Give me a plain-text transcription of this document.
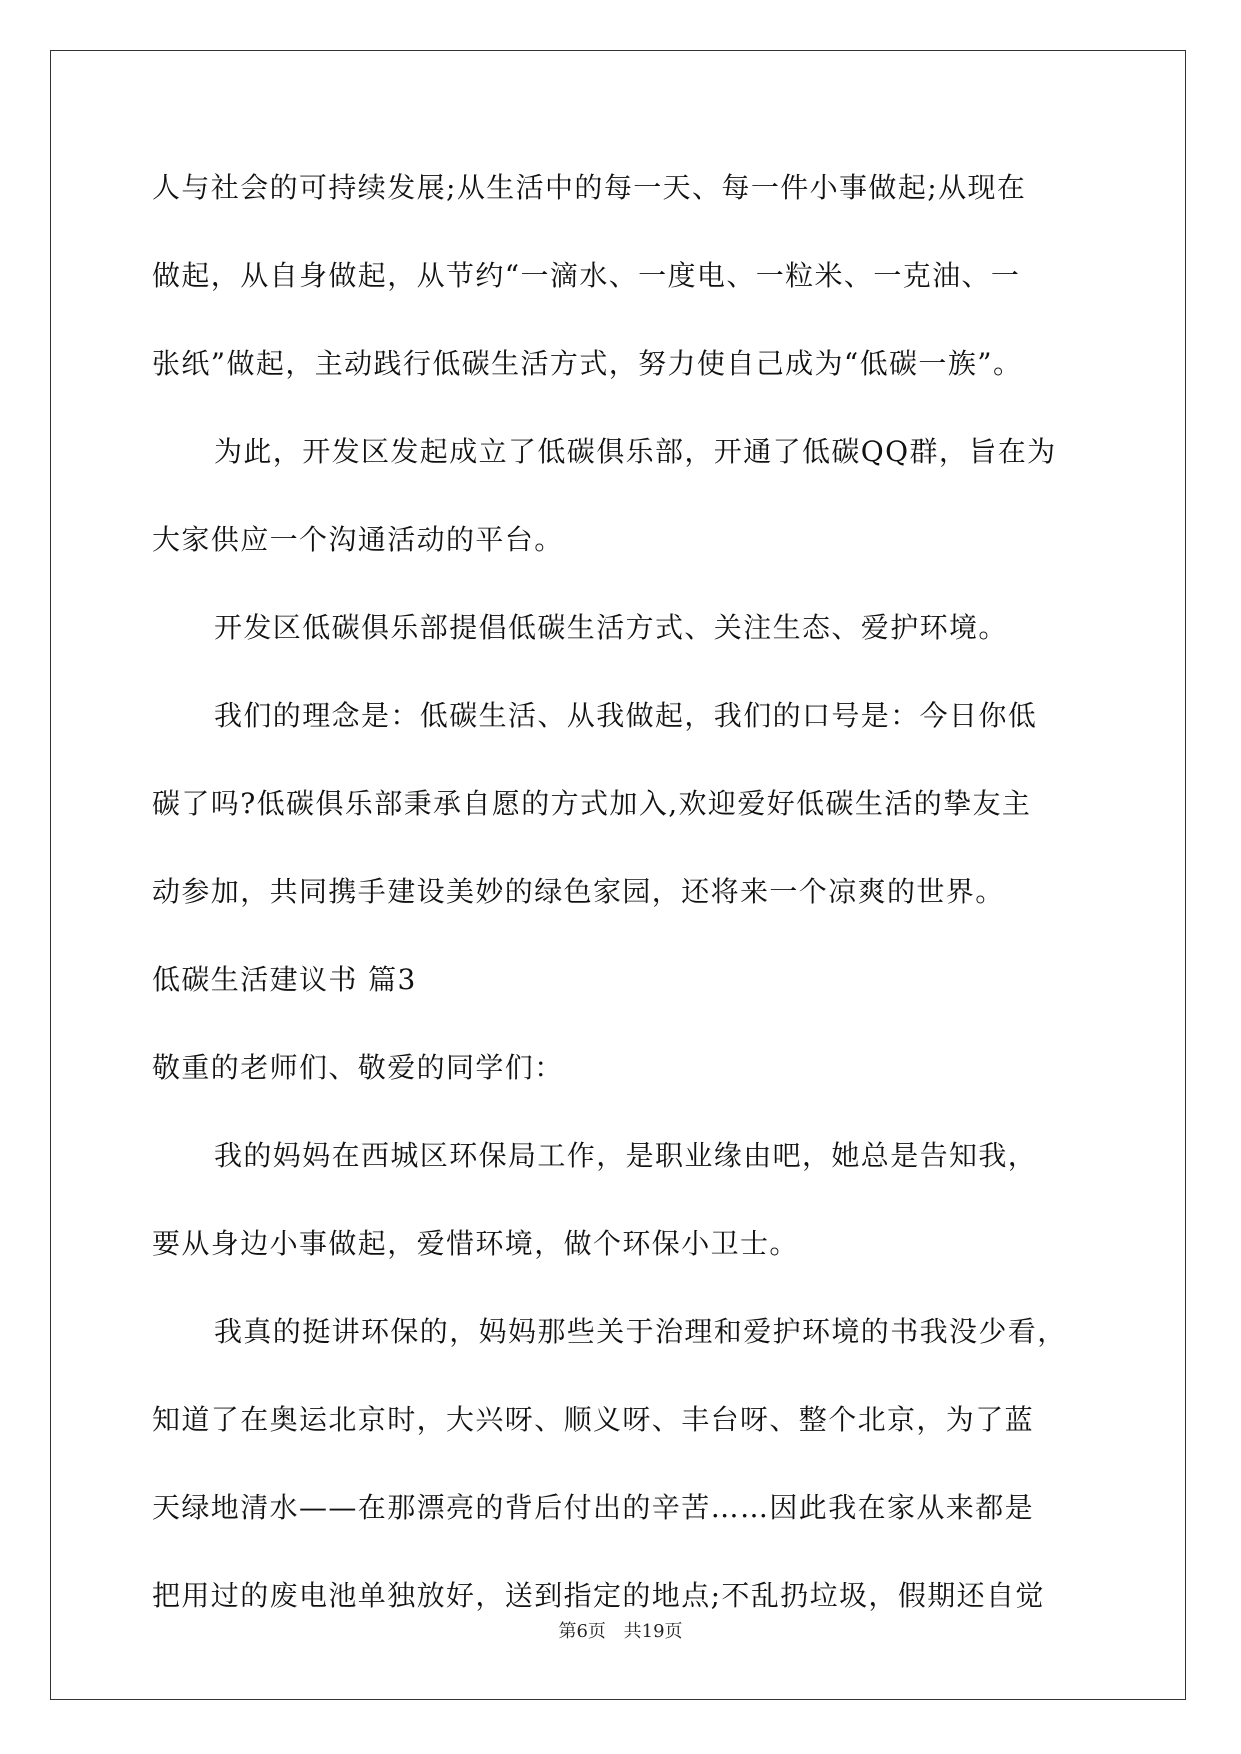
人与社会的可持续发展;从生活中的每一天、每一件小事做起;从现在
做起，从自身做起，从节约“一滴水、一度电、一粒米、一克油、一
张纸”做起，主动践行低碳生活方式，努力使自己成为“低碳一族”。
为此，开发区发起成立了低碳俱乐部，开通了低碳QQ群，旨在为
大家供应一个沟通活动的平台。
开发区低碳俱乐部提倡低碳生活方式、关注生态、爱护环境。
我们的理念是：低碳生活、从我做起，我们的口号是：今日你低
碳了吗?低碳俱乐部秉承自愿的方式加入,欢迎爱好低碳生活的挚友主
动参加，共同携手建设美妙的绿色家园，还将来一个凉爽的世界。
低碳生活建议书 篇3
敬重的老师们、敬爱的同学们：
我的妈妈在西城区环保局工作，是职业缘由吧，她总是告知我，
要从身边小事做起，爱惜环境，做个环保小卫士。
我真的挺讲环保的，妈妈那些关于治理和爱护环境的书我没少看，
知道了在奥运北京时，大兴呀、顺义呀、丰台呀、整个北京，为了蓝
天绿地清水——在那漂亮的背后付出的辛苦……因此我在家从来都是
把用过的废电池单独放好，送到指定的地点;不乱扔垃圾，假期还自觉
第6页 共19页
